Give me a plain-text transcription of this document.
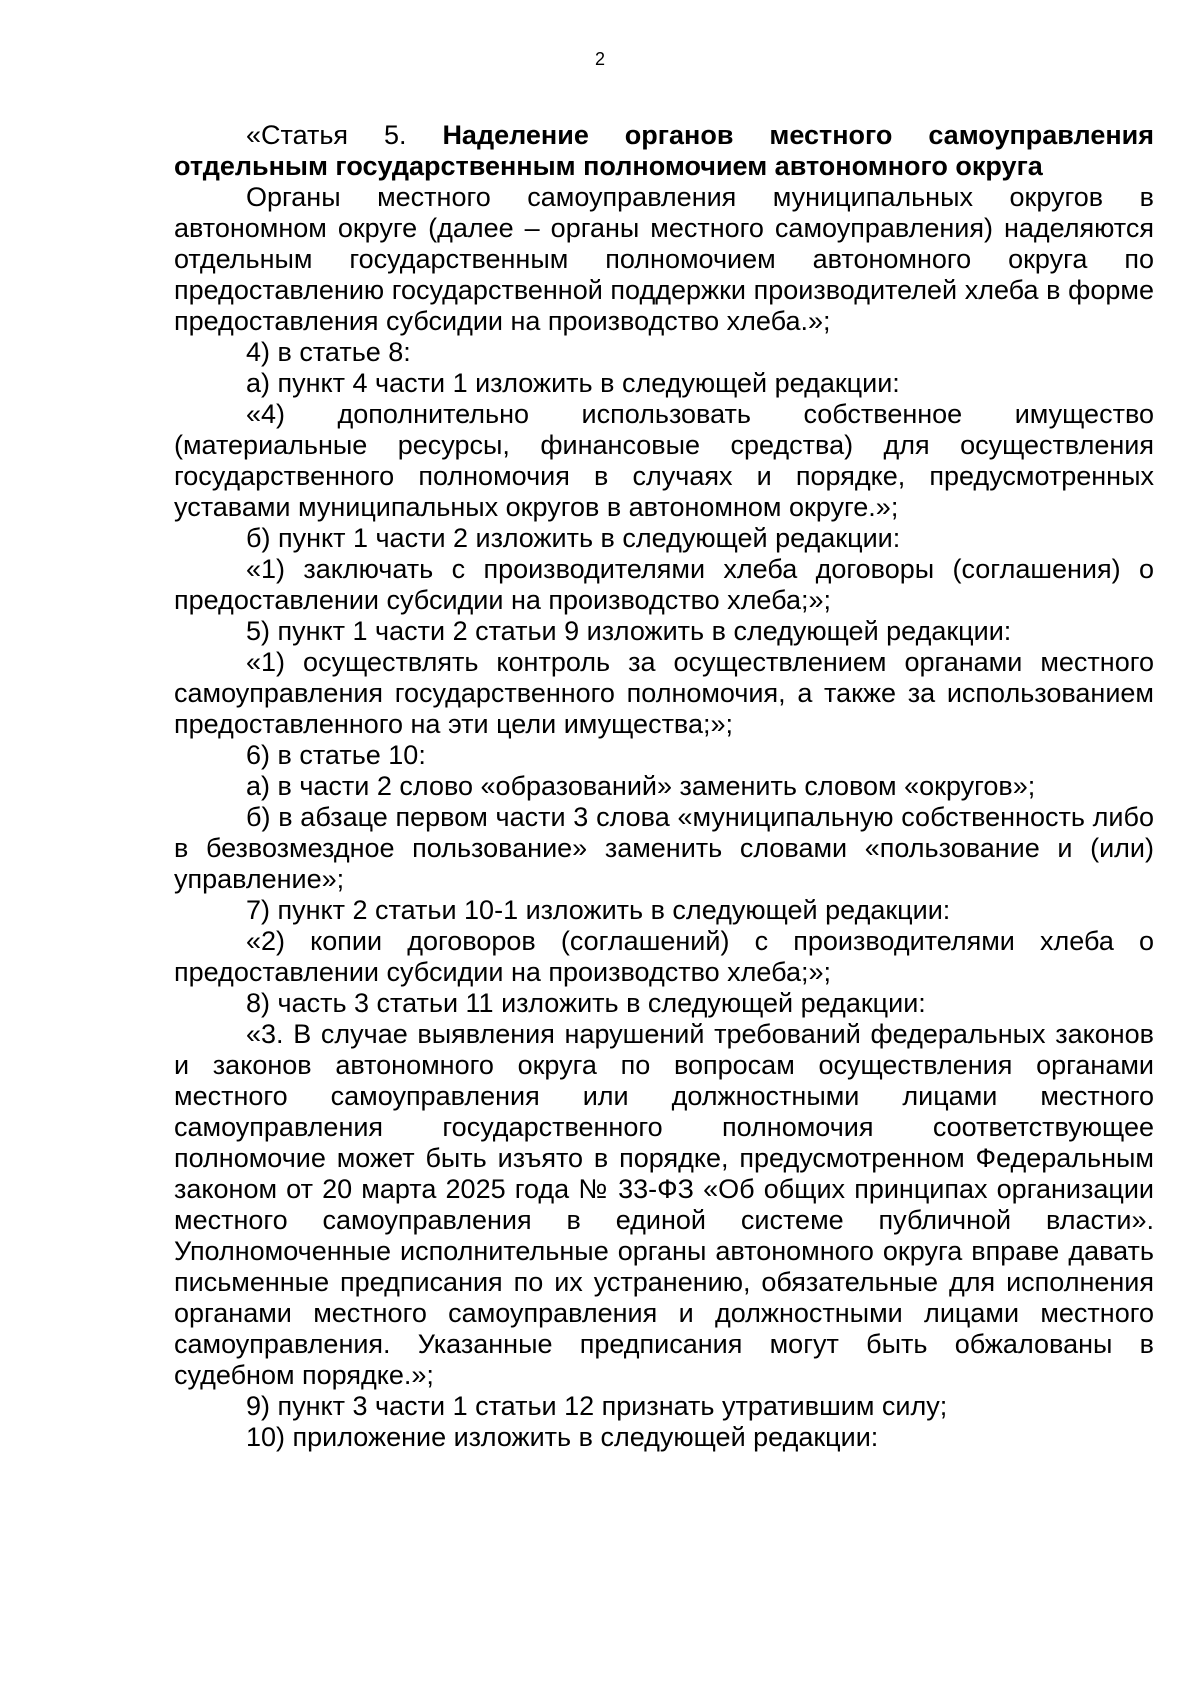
2

«Статья 5. Наделение органов местного самоуправления отдельным государственным полномочием автономного округа

Органы местного самоуправления муниципальных округов в автономном округе (далее – органы местного самоуправления) наделяются отдельным государственным полномочием автономного округа по предоставлению государственной поддержки производителей хлеба в форме предоставления субсидии на производство хлеба.»;

4) в статье 8:

а) пункт 4 части 1 изложить в следующей редакции:

«4) дополнительно использовать собственное имущество (материальные ресурсы, финансовые средства) для осуществления государственного полномочия в случаях и порядке, предусмотренных уставами муниципальных округов в автономном округе.»;

б) пункт 1 части 2 изложить в следующей редакции:

«1) заключать с производителями хлеба договоры (соглашения) о предоставлении субсидии на производство хлеба;»;

5) пункт 1 части 2 статьи 9 изложить в следующей редакции:

«1) осуществлять контроль за осуществлением органами местного самоуправления государственного полномочия, а также за использованием предоставленного на эти цели имущества;»;

6) в статье 10:

а) в части 2 слово «образований» заменить словом «округов»;

б) в абзаце первом части 3 слова «муниципальную собственность либо в безвозмездное пользование» заменить словами «пользование и (или) управление»;

7) пункт 2 статьи 10-1 изложить в следующей редакции:

«2) копии договоров (соглашений) с производителями хлеба о предоставлении субсидии на производство хлеба;»;

8) часть 3 статьи 11 изложить в следующей редакции:

«3. В случае выявления нарушений требований федеральных законов и законов автономного округа по вопросам осуществления органами местного самоуправления или должностными лицами местного самоуправления государственного полномочия соответствующее полномочие может быть изъято в порядке, предусмотренном Федеральным законом от 20 марта 2025 года № 33-ФЗ «Об общих принципах организации местного самоуправления в единой системе публичной власти». Уполномоченные исполнительные органы автономного округа вправе давать письменные предписания по их устранению, обязательные для исполнения органами местного самоуправления и должностными лицами местного самоуправления. Указанные предписания могут быть обжалованы в судебном порядке.»;

9) пункт 3 части 1 статьи 12 признать утратившим силу;

10) приложение изложить в следующей редакции:
